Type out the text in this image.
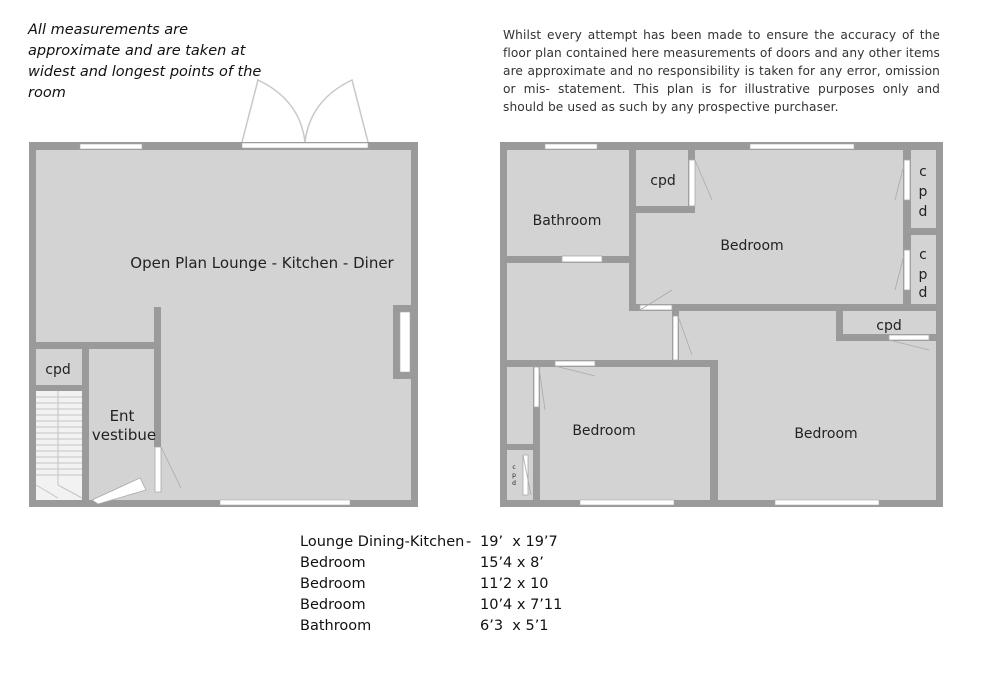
All measurements are approximate and are taken at widest and longest points of the room
Whilst every attempt has been made to ensure the accuracy of the floor plan contained here measurements of doors and any other items are approximate and no responsibility is taken for any error, omission or mis- statement. This plan is for illustrative purposes only and should be used as such by any prospective purchaser.
Open Plan Lounge - Kitchen - Diner
cpd
Ent
vestibue
Bathroom
cpd
Bedroom
c
p
d
c
p
d
cpd
Bedroom	Bedroom
c
p
d
Lounge Dining-Kitchen - 19’  x 19’7
Bedroom	15’4 x 8’
Bedroom	11’2 x 10
Bedroom	10’4 x 7’11
Bathroom	6’3  x 5’1
